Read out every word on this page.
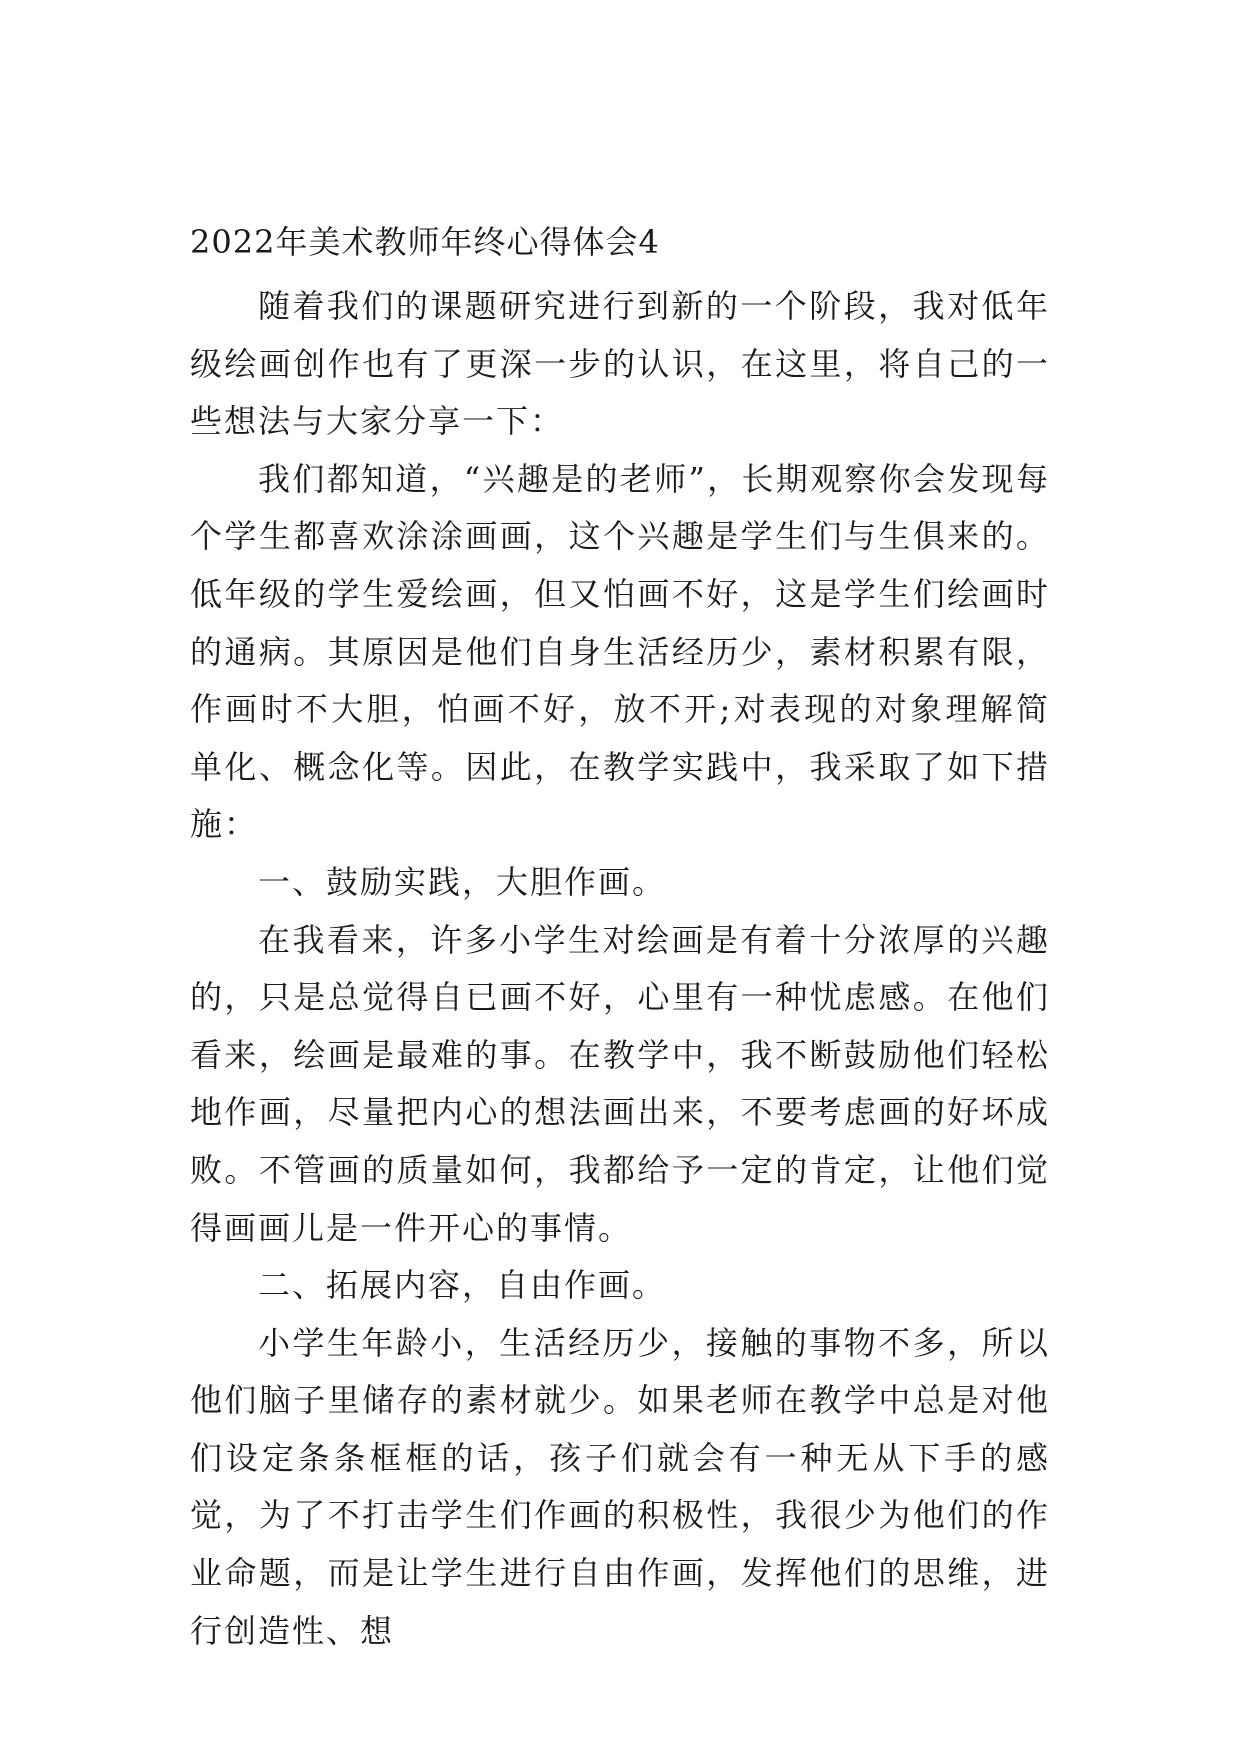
2022年美术教师年终心得体会4

随着我们的课题研究进行到新的一个阶段，我对低年级绘画创作也有了更深一步的认识，在这里，将自己的一些想法与大家分享一下：

我们都知道，“兴趣是的老师”，长期观察你会发现每个学生都喜欢涂涂画画，这个兴趣是学生们与生俱来的。低年级的学生爱绘画，但又怕画不好，这是学生们绘画时的通病。其原因是他们自身生活经历少，素材积累有限，作画时不大胆，怕画不好，放不开;对表现的对象理解简单化、概念化等。因此，在教学实践中，我采取了如下措施：

一、鼓励实践，大胆作画。

在我看来，许多小学生对绘画是有着十分浓厚的兴趣的，只是总觉得自已画不好，心里有一种忧虑感。在他们看来，绘画是最难的事。在教学中，我不断鼓励他们轻松地作画，尽量把内心的想法画出来，不要考虑画的好坏成败。不管画的质量如何，我都给予一定的肯定，让他们觉得画画儿是一件开心的事情。

二、拓展内容，自由作画。

小学生年龄小，生活经历少，接触的事物不多，所以他们脑子里储存的素材就少。如果老师在教学中总是对他们设定条条框框的话，孩子们就会有一种无从下手的感觉，为了不打击学生们作画的积极性，我很少为他们的作业命题，而是让学生进行自由作画，发挥他们的思维，进行创造性、想
